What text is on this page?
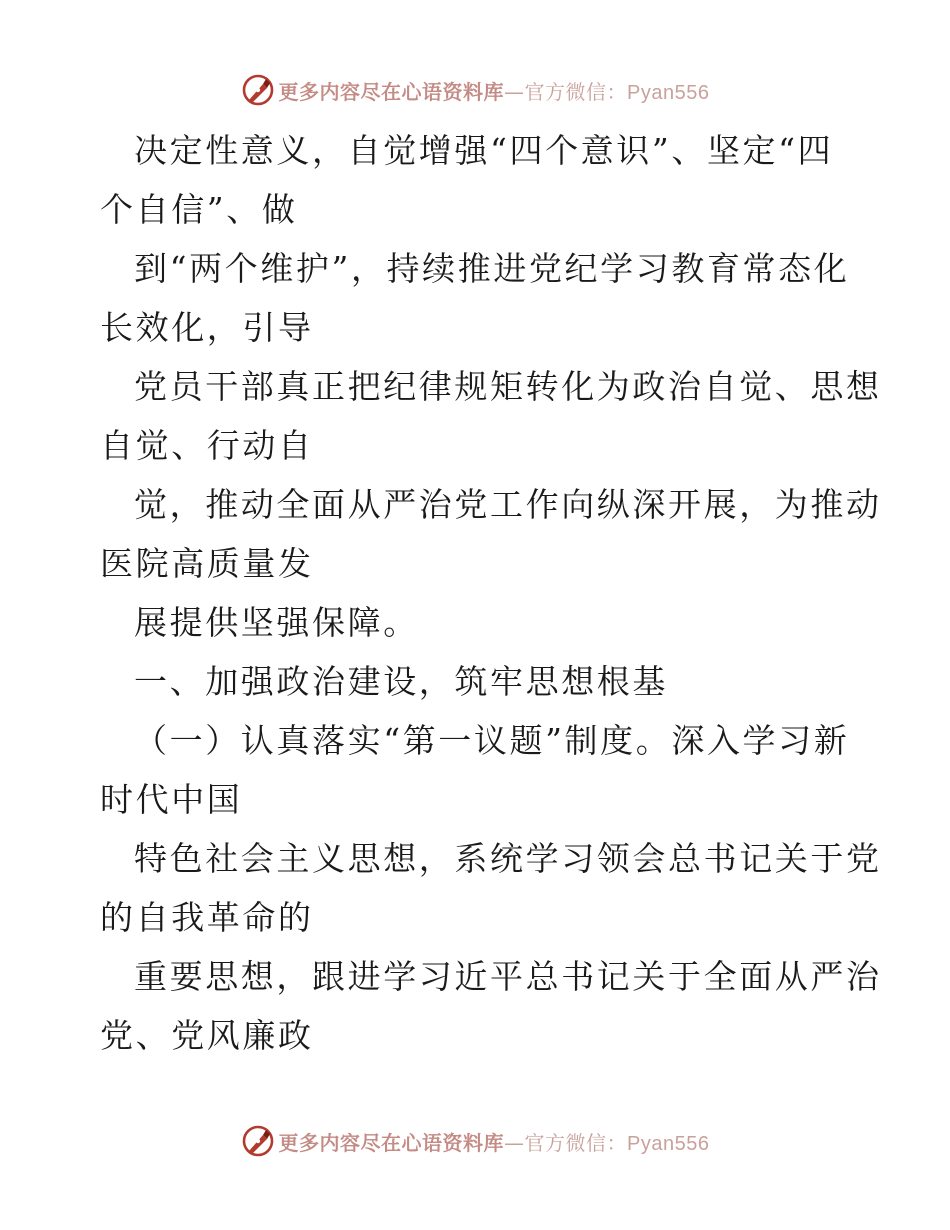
更多内容尽在心语资料库—官方微信：Pyan556
决定性意义，自觉增强“四个意识”、坚定“四
个自信”、做
到“两个维护”，持续推进党纪学习教育常态化
长效化，引导
党员干部真正把纪律规矩转化为政治自觉、思想
自觉、行动自
觉，推动全面从严治党工作向纵深开展，为推动
医院高质量发
展提供坚强保障。
一、加强政治建设，筑牢思想根基
（一）认真落实“第一议题”制度。深入学习新
时代中国
特色社会主义思想，系统学习领会总书记关于党
的自我革命的
重要思想，跟进学习近平总书记关于全面从严治
党、党风廉政
更多内容尽在心语资料库—官方微信：Pyan556
